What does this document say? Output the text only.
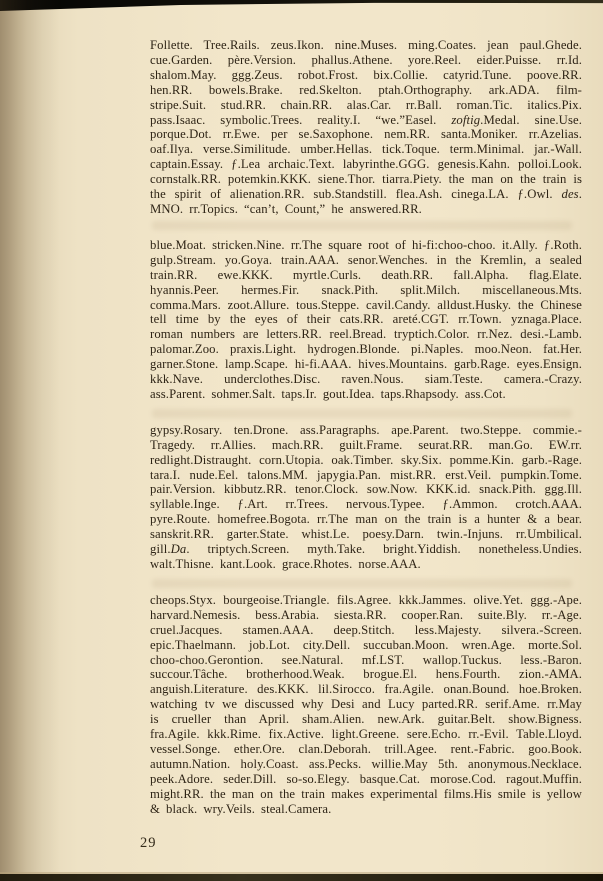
Follette. Tree.Rails. zeus.Ikon. nine.Muses. ming.Coates. jean paul.Ghede. cue.Garden. père.Version. phallus.Athene. yore.Reel. eider.Puisse. rr.Id. shalom.May. ggg.Zeus. robot.Frost. bix.Collie. catyrid.Tune. poove.RR. hen.RR. bowels.Brake. red.Skelton. ptah.Orthography. ark.ADA. film-stripe.Suit. stud.RR. chain.RR. alas.Car. rr.Ball. roman.Tic. italics.Pix. pass.Isaac. symbolic.Trees. reality.I. “we.”Easel. zoftig.Medal. sine.Use. porque.Dot. rr.Ewe. per se.Saxophone. nem.RR. santa.Moniker. rr.Azelias. oaf.Ilya. verse.Similitude. umber.Hellas. tick.Toque. term.Minimal. jar.-Wall. captain.Essay. ƒ.Lea archaic.Text. labyrinthe.GGG. genesis.Kahn. polloi.Look. cornstalk.RR. potemkin.KKK. siene.Thor. tiarra.Piety. the man on the train is the spirit of alienation.RR. sub.Standstill. flea.Ash. cinega.LA. ƒ.Owl. des. MNO. rr.Topics. “can’t, Count,” he answered.RR.

blue.Moat. stricken.Nine. rr.The square root of hi-fi:choo-choo. it.Ally. ƒ.Roth. gulp.Stream. yo.Goya. train.AAA. senor.Wenches. in the Kremlin, a sealed train.RR. ewe.KKK. myrtle.Curls. death.RR. fall.Alpha. flag.Elate. hyannis.Peer. hermes.Fir. snack.Pith. split.Milch. miscellaneous.Mts. comma.Mars. zoot.Allure. tous.Steppe. cavil.Candy. alldust.Husky. the Chinese tell time by the eyes of their cats.RR. areté.CGT. rr.Town. yznaga.Place. roman numbers are letters.RR. reel.Bread. tryptich.Color. rr.Nez. desi.-Lamb. palomar.Zoo. praxis.Light. hydrogen.Blonde. pi.Naples. moo.Neon. fat.Her. garner.Stone. lamp.Scape. hi-fi.AAA. hives.Mountains. garb.Rage. eyes.Ensign. kkk.Nave. underclothes.Disc. raven.Nous. siam.Teste. camera.-Crazy. ass.Parent. sohmer.Salt. taps.Ir. gout.Idea. taps.Rhapsody. ass.Cot.

gypsy.Rosary. ten.Drone. ass.Paragraphs. ape.Parent. two.Steppe. commie.-Tragedy. rr.Allies. mach.RR. guilt.Frame. seurat.RR. man.Go. EW.rr. redlight.Distraught. corn.Utopia. oak.Timber. sky.Six. pomme.Kin. garb.-Rage. tara.I. nude.Eel. talons.MM. japygia.Pan. mist.RR. erst.Veil. pumpkin.Tome. pair.Version. kibbutz.RR. tenor.Clock. sow.Now. KKK.id. snack.Pith. ggg.Ill. syllable.Inge. ƒ.Art. rr.Trees. nervous.Typee. ƒ.Ammon. crotch.AAA. pyre.Route. homefree.Bogota. rr.The man on the train is a hunter & a bear. sanskrit.RR. garter.State. whist.Le. poesy.Darn. twin.-Injuns. rr.Umbilical. gill.Da. triptych.Screen. myth.Take. bright.Yiddish. nonetheless.Undies. walt.Thisne. kant.Look. grace.Rhotes. norse.AAA.

cheops.Styx. bourgeoise.Triangle. fils.Agree. kkk.Jammes. olive.Yet. ggg.-Ape. harvard.Nemesis. bess.Arabia. siesta.RR. cooper.Ran. suite.Bly. rr.-Age. cruel.Jacques. stamen.AAA. deep.Stitch. less.Majesty. silvera.-Screen. epic.Thaelmann. job.Lot. city.Dell. succuban.Moon. wren.Age. morte.Sol. choo-choo.Gerontion. see.Natural. mf.LST. wallop.Tuckus. less.-Baron. succour.Tâche. brotherhood.Weak. brogue.El. hens.Fourth. zion.-AMA. anguish.Literature. des.KKK. lil.Sirocco. fra.Agile. onan.Bound. hoe.Broken. watching tv we discussed why Desi and Lucy parted.RR. serif.Ame. rr.May is crueller than April. sham.Alien. new.Ark. guitar.Belt. show.Bigness. fra.Agile. kkk.Rime. fix.Active. light.Greene. sere.Echo. rr.-Evil. Table.Lloyd. vessel.Songe. ether.Ore. clan.Deborah. trill.Agee. rent.-Fabric. goo.Book. autumn.Nation. holy.Coast. ass.Pecks. willie.May 5th. anonymous.Necklace. peek.Adore. seder.Dill. so-so.Elegy. basque.Cat. morose.Cod. ragout.Muffin. might.RR. the man on the train makes experimental films.His smile is yellow & black. wry.Veils. steal.Camera.

29
